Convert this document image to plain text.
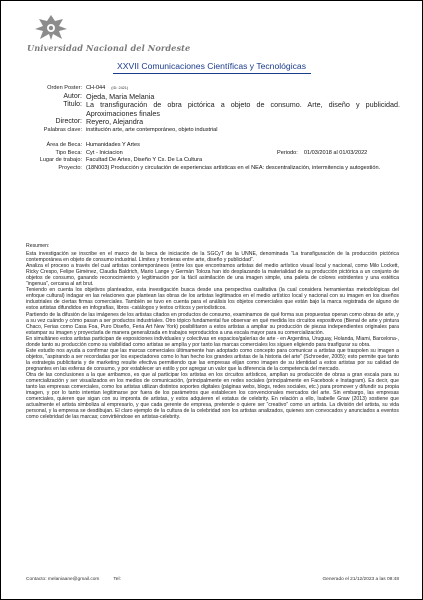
Universidad Nacional del Nordeste
XXVII Comunicaciones Científicas y Tecnológicas
Orden Poster: CH-044 (ID: 2421)
Autor: Ojeda, Maria Melania
Titulo: La transfiguración de obra pictórica a objeto de consumo. Arte, diseño y publicidad. Aproximaciones finales
Director: Reyero, Alejandra
Palabras clave: institución arte, arte contemporáneo, objeto industrial
Área de Beca: Humanidades Y Artes
Tipo Beca: Cyt - Iniciacion	Periodo: 01/03/2018 al 01/03/2022
Lugar de trabajo: Facultad De Artes, Diseño Y Cs. De La Cultura
Proyecto: (18N003) Producción y circulación de experiencias artísticas en el NEA: descentralización, intermitencia y autogestión.
Resumen:

Esta investigación se inscribe en el marco de la beca de iniciación de la SGCyT de la UNNE, denominada “La transfiguración de la producción pictórica contemporánea en objeto de consumo industrial. Límites y fronteras entre arte, diseño y publicidad”.

Analiza el proceso a través del cual artistas contemporáneos (entre los que encontramos artistas del medio artístico visual local y nacional, como Milo Lockett, Ricky Crespo, Felipe Giménez, Claudia Baldrich, Mario Lange y Germán Toloza han ido desplazando la materialidad de su producción pictórica a un conjunto de objetos de consumo, ganando reconocimiento y legitimación por la fácil asimilación de una imagen simple, una paleta de colores estridentes y una estética “ingenua”, cercana al art brut.

Teniendo en cuenta los objetivos planteados, esta investigación busca desde una perspectiva cualitativa (la cual considera herramientas metodológicas del enfoque cultural) indagar en las relaciones que plantean las obras de los artistas legitimados en el medio artístico local y nacional con su imagen en los diseños industriales de ciertas firmas comerciales. También se tuvo en cuenta para el análisis los objetos comerciales que están bajo la marca registrada de alguno de estos artistas difundidos en infografías, libros -catálogos y textos críticos y periodísticos.

Partiendo de la difusión de las imágenes de los artistas citados en productos de consumo, examinamos de qué forma sus propuestas operan como obras de arte, y a su vez cuándo y cómo pasan a ser productos industriales. Otro tópico fundamental fue observar en qué medida los circuitos expositivos (Bienal de arte y pintura Chaco, Ferias como Casa Foa, Puro Diseño, Feria Art New York) posibilitaron a estos artistas a ampliar su producción de piezas independientes originales para estampar su imagen y proyectarla de manera generalizada en trabajos reproducidos a una escala mayor para su comercialización.

En simultáneo estos artistas participan de exposiciones individuales y colectivas en espacios/galerías de arte - en Argentina, Uruguay, Holanda, Miami, Barcelona-, donde tanto su producción como su visibilidad como artistas se amplía y por tanto las marcas comerciales los siguen eligiendo para trasfigurar su obra.

Este estudio nos ayuda a confirmar que las marcas comerciales últimamente han adoptado como concepto para comunicar a artistas que traspolen su imagen a objetos, “aspirando a ser recordadas por los espectadores como lo han hecho los grandes artistas de la historia del arte” (Schroeder, 2005); esto permite que tanto la estrategia publicitaria y de marketing resulte efectiva permitiendo que las empresas elijan como imagen de su identidad a estos artistas por su calidad de pregnantes en las esferas de consumo, y por establecer un estilo y por agregar un valor que la diferencia de la competencia del mercado.

Otra de las conclusiones a la que arribamos, es que al participar los artistas en los circuitos artísticos, amplían su producción de obras a gran escala para su comercialización y ser visualizados en los medios de comunicación, (principalmente en redes sociales (principalmente en Facebook e Instagram). Es decir, que tanto las empresas comerciales, como los artistas utilizan distintos soportes digitales (páginas webs, blogs, redes sociales, etc.) para promover y difundir su propia imagen, y por lo tanto intentan legitimarse por fuera de los parámetros que establecen los convencionales mercados del arte. Sin embargo, las empresas comerciales, quieren que sigan con su impronta de artistas, y estos adquieren el estatus de celebrity. En relación a ello, Isabelle Graw (2013) sostiene que actualmente el artista simboliza al empresario, y que cada gerente de empresa, pretende o quiere ser “creativo” como un artista. La división del artista, su vida personal, y la empresa se desdibujan. El claro ejemplo de la cultura de la celebridad son los artistas analizados, quienes son convocados y anunciados a eventos como celebridad de las marcas; convirtiéndose en artistas-celebrity.

Contacto: melaniaane@gmail.com	Tel:	Generado el 21/12/2023 a las 09:48
